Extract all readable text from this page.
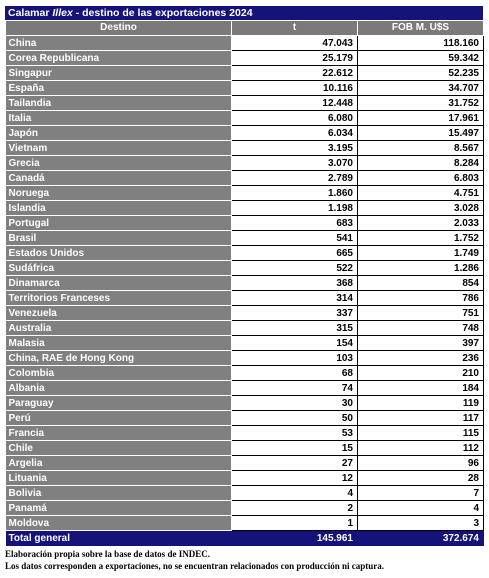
Calamar Illex - destino de las exportaciones 2024
Destino	t	FOB M. U$S
China	47.043	118.160
Corea Republicana	25.179	59.342
Singapur	22.612	52.235
España	10.116	34.707
Tailandia	12.448	31.752
Italia	6.080	17.961
Japón	6.034	15.497
Vietnam	3.195	8.567
Grecia	3.070	8.284
Canadá	2.789	6.803
Noruega	1.860	4.751
Islandia	1.198	3.028
Portugal	683	2.033
Brasil	541	1.752
Estados Unidos	665	1.749
Sudáfrica	522	1.286
Dinamarca	368	854
Territorios Franceses	314	786
Venezuela	337	751
Australia	315	748
Malasia	154	397
China, RAE de Hong Kong	103	236
Colombia	68	210
Albania	74	184
Paraguay	30	119
Perú	50	117
Francia	53	115
Chile	15	112
Argelia	27	96
Lituania	12	28
Bolivia	4	7
Panamá	2	4
Moldova	1	3
Total general	145.961	372.674
Elaboración propia sobre la base de datos de INDEC.
Los datos corresponden a exportaciones, no se encuentran relacionados con producción ni captura.
